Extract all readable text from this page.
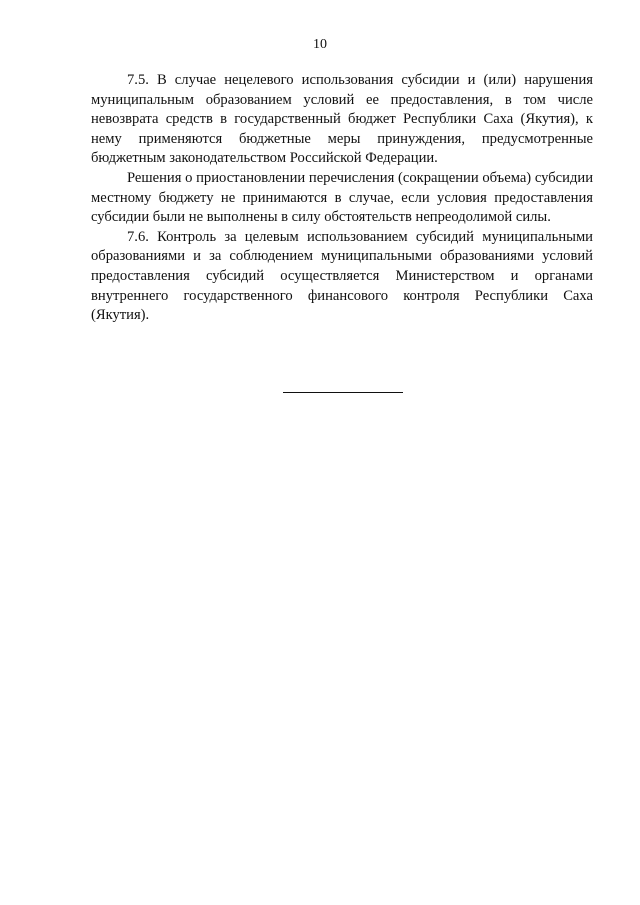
10

7.5. В случае нецелевого использования субсидии и (или) нарушения муниципальным образованием условий ее предоставления, в том числе невозврата средств в государственный бюджет Республики Саха (Якутия), к нему применяются бюджетные меры принуждения, предусмотренные бюджетным законодательством Российской Федерации.

Решения о приостановлении перечисления (сокращении объема) субсидии местному бюджету не принимаются в случае, если условия предоставления субсидии были не выполнены в силу обстоятельств непреодолимой силы.

7.6. Контроль за целевым использованием субсидий муниципальными образованиями и за соблюдением муниципальными образованиями условий предоставления субсидий осуществляется Министерством и органами внутреннего государственного финансового контроля Республики Саха (Якутия).
